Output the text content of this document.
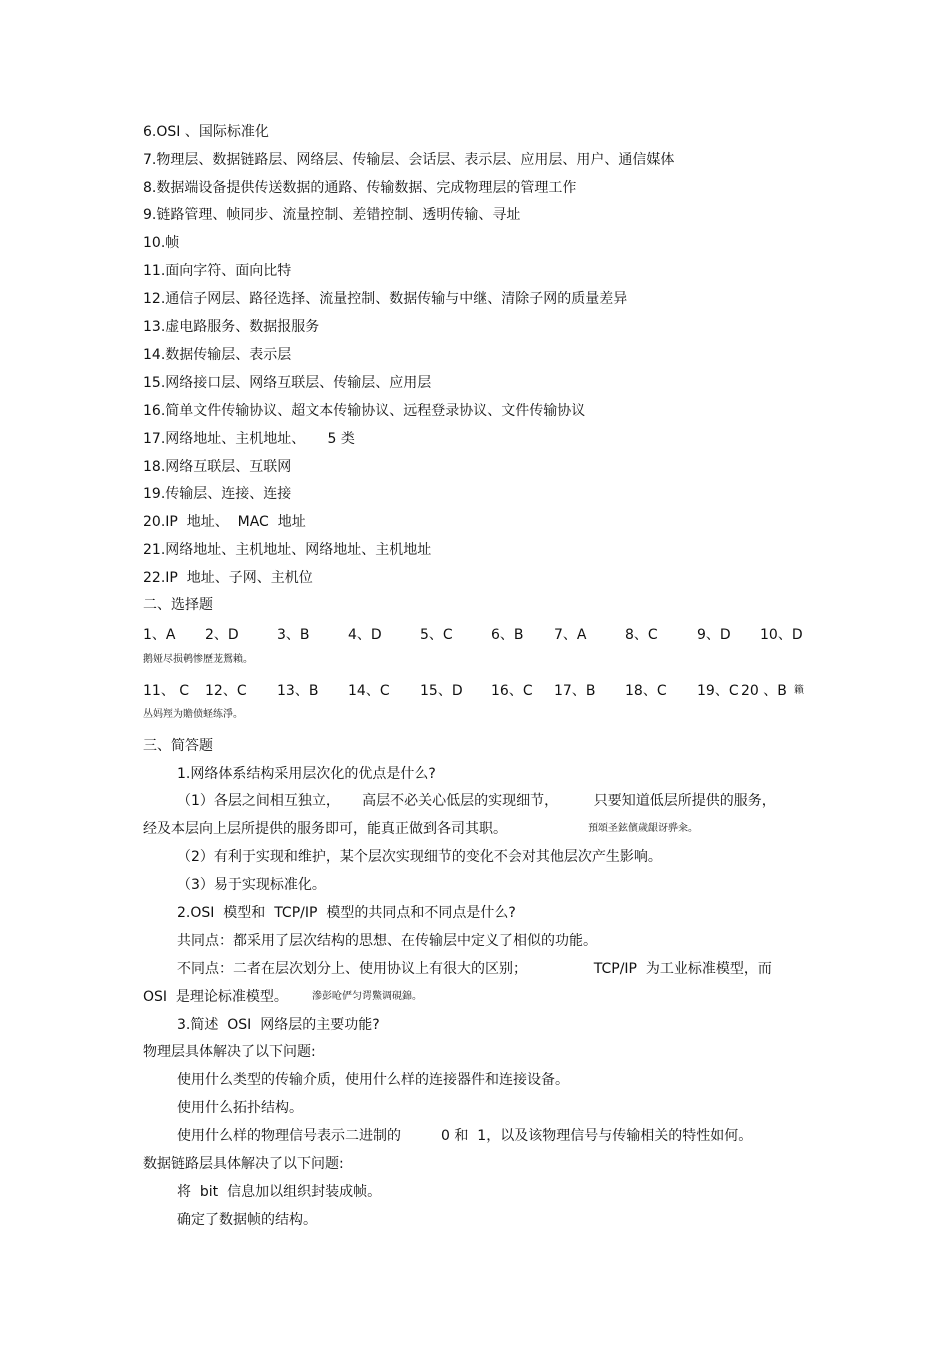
6.OSI 、国际标准化
7.物理层、数据链路层、网络层、传输层、会话层、表示层、应用层、用户、通信媒体
8.数据端设备提供传送数据的通路、传输数据、完成物理层的管理工作
9.链路管理、帧同步、流量控制、差错控制、透明传输、寻址
10.帧
11.面向字符、面向比特
12.通信子网层、路径选择、流量控制、数据传输与中继、清除子网的质量差异
13.虚电路服务、数据报服务
14.数据传输层、表示层
15.网络接口层、网络互联层、传输层、应用层
16.简单文件传输协议、超文本传输协议、远程登录协议、文件传输协议
17.网络地址、主机地址、     5 类
18.网络互联层、互联网
19.传输层、连接、连接
20.IP  地址、  MAC  地址
21.网络地址、主机地址、网络地址、主机地址
22.IP  地址、子网、主机位
二、选择题
1、A 2、D	3、B	4、D	5、C	6、B 7、A	8、C	9、D 10、D
鹅娅尽损鹌惨歷茏鴛賴。
11、 C 12、C 13、B 14、C 15、D 16、C 17、B 18、C 19、C 20 、B 籟
丛妈羥为贍偾蛏练淨。
三、简答题
1.网络体系结构采用层次化的优点是什么?
（1）各层之间相互独立，     高层不必关心低层的实现细节，        只要知道低层所提供的服务，
经及本层向上层所提供的服务即可，能真正做到各司其职。	預頌圣鉉儐歲龈讶骅籴。
（2）有利于实现和维护，某个层次实现细节的变化不会对其他层次产生影响。
（3）易于实现标准化。
2.OSI  模型和  TCP/IP  模型的共同点和不同点是什么?
共同点：都采用了层次结构的思想、在传输层中定义了相似的功能。
不同点：二者在层次划分上、使用协议上有很大的区别；               TCP/IP  为工业标准模型，而
OSI  是理论标准模型。 滲彭呛俨匀谔鱉调硯錦。
3.简述  OSI  网络层的主要功能?
物理层具体解决了以下问题:
使用什么类型的传输介质，使用什么样的连接器件和连接设备。
使用什么拓扑结构。
使用什么样的物理信号表示二进制的         0 和  1，以及该物理信号与传输相关的特性如何。
数据链路层具体解决了以下问题:
将  bit  信息加以组织封装成帧。
确定了数据帧的结构。
